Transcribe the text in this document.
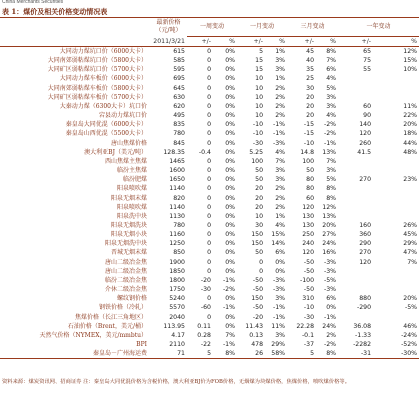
China Merchants Securities
表 1：煤价及相关价格变动情况表
	最新价格（元/吨）	一周变动		一月变动		三月变动		一年变动	
	2011/3/21	+/-	%	+/-	%	+/-	%	+/-	%
大同动力煤坑口价（6000大卡）	615	0	0%	5	1%	45	8%	65	12%
大同南郊弱粘煤坑口价（5800大卡）	585	0	0%	15	3%	40	7%	75	15%
大同矿区弱粘煤坑口价（5700大卡）	595	0	0%	15	3%	35	6%	55	10%
大同动力煤车板价（6000大卡）	695	0	0%	10	1%	25	4%		
大同南郊弱粘煤车板价（5800大卡）	645	0	0%	10	2%	30	5%		
大同矿区弱粘煤车板价（5700大卡）	630	0	0%	10	2%	20	3%		
大秦动力煤（6300大卡）坑口价	620	0	0%	10	2%	20	3%	60	11%
宕县动力煤坑口价	495	0	0%	10	2%	20	4%	90	22%
秦皇岛大同优混（6000大卡）	835	0	0%	-10	-1%	-15	-2%	140	20%
秦皇岛山西优混（5500大卡）	780	0	0%	-10	-1%	-15	-2%	120	18%
唐山焦煤价格	845	0	0%	-30	-3%	-10	-1%	260	44%
澳大利亚BJ（美元/吨）	128.35	-0.4	0%	5.25	4%	14.8	13%	41.5	48%
西山焦煤主焦煤	1465	0	0%	100	7%	100	7%		
临汾主焦煤	1600	0	0%	50	3%	50	3%		
临汾肥煤	1650	0	0%	50	3%	80	5%	270	23%
阳泉喷吹煤	1140	0	0%	20	2%	80	8%		
阳泉无烟末煤	820	0	0%	20	2%	60	8%		
阳泉喷吹煤	1140	0	0%	20	2%	120	12%		
阳泉洗中块	1130	0	0%	10	1%	130	13%		
阳泉无烟洗块	780	0	0%	30	4%	130	20%	160	26%
阳泉无烟小块	1160	0	0%	150	15%	250	27%	360	45%
阳泉无烟洗中块	1250	0	0%	150	14%	240	24%	290	29%
晋城无烟末煤	850	0	0%	50	6%	120	16%	270	47%
唐山二级冶金焦	1900	0	0%	0	0%	-50	-3%	120	7%
唐山二级冶金焦	1850	0	0%	0	0%	-50	-3%		
临汾二级冶金焦	1800	-20	-1%	-50	-3%	-100	-5%		
介休二级冶金焦	1750	-30	-2%	-50	-3%	-50	-3%		
螺纹钢价格	5240	0	0%	150	3%	310	6%	880	20%
钢铁价格（冷轧）	5570	-60	-1%	-50	-1%	-10	0%	-290	-5%
焦煤价格（长江三角地区）	2040	0	0%	-20	-1%	-30	-1%		
石油价格（Brent，美元/桶）	113.95	0.11	0%	11.43	11%	22.28	24%	36.08	46%
天然气价格（NYMEX，美元/mmbtu）	4.17	0.28	7%	0.13	3%	-0.1	2%	-1.33	-24%
BPI	2110	-22	-1%	478	29%	-37	-2%	-2282	-52%
秦皇岛－广州海运费	71	5	8%	26	58%	5	8%	-31	-30%
资料来源：煤炭资讯网、招商证券 注：秦皇岛大同优混价格为含税价格，澳大利亚BJ价为FOB价格，无烟煤为块煤价格，焦煤价格，喷吹煤价格等。
